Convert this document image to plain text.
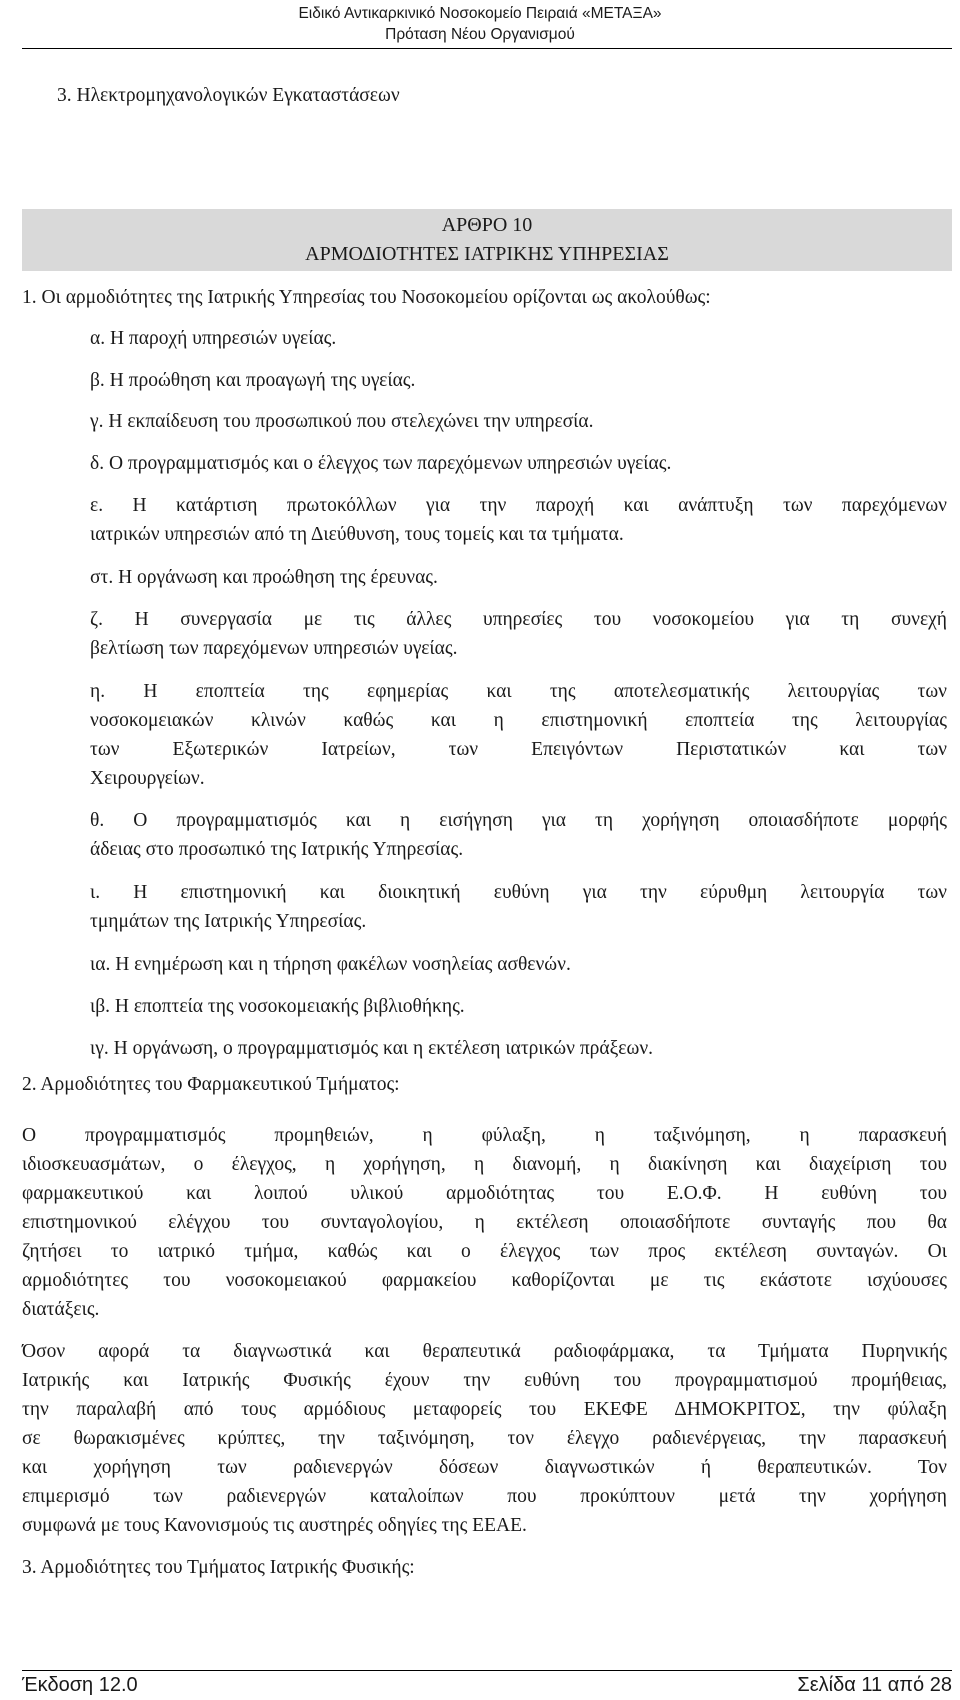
Ειδικό Αντικαρκινικό Νοσοκομείο Πειραιά «ΜΕΤΑΞΑ»
Πρόταση Νέου Οργανισμού
3. Ηλεκτρομηχανολογικών Εγκαταστάσεων
ΑΡΘΡΟ 10
ΑΡΜΟΔΙΟΤΗΤΕΣ ΙΑΤΡΙΚΗΣ ΥΠΗΡΕΣΙΑΣ
1. Οι αρμοδιότητες της Ιατρικής Υπηρεσίας του Νοσοκομείου ορίζονται ως ακολούθως:
α. Η παροχή υπηρεσιών υγείας.
β. Η προώθηση και προαγωγή της υγείας.
γ. Η εκπαίδευση του προσωπικού που στελεχώνει την υπηρεσία.
δ. Ο προγραμματισμός και ο έλεγχος των παρεχόμενων υπηρεσιών υγείας.
ε. Η κατάρτιση πρωτοκόλλων για την παροχή και ανάπτυξη των παρεχόμενων
ιατρικών υπηρεσιών από τη Διεύθυνση, τους τομείς και τα τμήματα.
στ. Η οργάνωση και προώθηση της έρευνας.
ζ. Η συνεργασία με τις άλλες υπηρεσίες του νοσοκομείου για τη συνεχή
βελτίωση των παρεχόμενων υπηρεσιών υγείας.
η. Η εποπτεία της εφημερίας και της αποτελεσματικής λειτουργίας των
νοσοκομειακών κλινών καθώς και η επιστημονική εποπτεία της λειτουργίας
των Εξωτερικών Ιατρείων, των Επειγόντων Περιστατικών και των
Χειρουργείων.
θ. Ο προγραμματισμός και η εισήγηση για τη χορήγηση οποιασδήποτε μορφής
άδειας στο προσωπικό της Ιατρικής Υπηρεσίας.
ι. Η επιστημονική και διοικητική ευθύνη για την εύρυθμη λειτουργία των
τμημάτων της Ιατρικής Υπηρεσίας.
ια. Η ενημέρωση και η τήρηση φακέλων νοσηλείας ασθενών.
ιβ. Η εποπτεία της νοσοκομειακής βιβλιοθήκης.
ιγ. Η οργάνωση, ο προγραμματισμός και η εκτέλεση ιατρικών πράξεων.
2. Αρμοδιότητες του Φαρμακευτικού Τμήματος:
Ο προγραμματισμός προμηθειών, η φύλαξη, η ταξινόμηση, η παρασκευή
ιδιοσκευασμάτων, ο έλεγχος, η χορήγηση, η διανομή, η διακίνηση και διαχείριση του
φαρμακευτικού και λοιπού υλικού αρμοδιότητας του Ε.Ο.Φ. Η ευθύνη του
επιστημονικού ελέγχου του συνταγολογίου, η εκτέλεση οποιασδήποτε συνταγής που θα
ζητήσει το ιατρικό τμήμα, καθώς και ο έλεγχος των προς εκτέλεση συνταγών. Οι
αρμοδιότητες του νοσοκομειακού φαρμακείου καθορίζονται με τις εκάστοτε ισχύουσες
διατάξεις.
Όσον αφορά τα διαγνωστικά και θεραπευτικά ραδιοφάρμακα, τα Τμήματα Πυρηνικής
Ιατρικής και Ιατρικής Φυσικής έχουν την ευθύνη του προγραμματισμού προμήθειας,
την παραλαβή από τους αρμόδιους μεταφορείς του ΕΚΕΦΕ ΔΗΜΟΚΡΙΤΟΣ, την φύλαξη
σε θωρακισμένες κρύπτες, την ταξινόμηση, τον έλεγχο ραδιενέργειας, την παρασκευή
και χορήγηση των ραδιενεργών δόσεων διαγνωστικών ή θεραπευτικών. Τον
επιμερισμό των ραδιενεργών καταλοίπων που προκύπτουν μετά την χορήγηση
συμφωνά με τους Κανονισμούς τις αυστηρές οδηγίες της ΕΕΑΕ.
3. Αρμοδιότητες του Τμήματος Ιατρικής Φυσικής:
Έκδοση 12.0	Σελίδα 11 από 28
